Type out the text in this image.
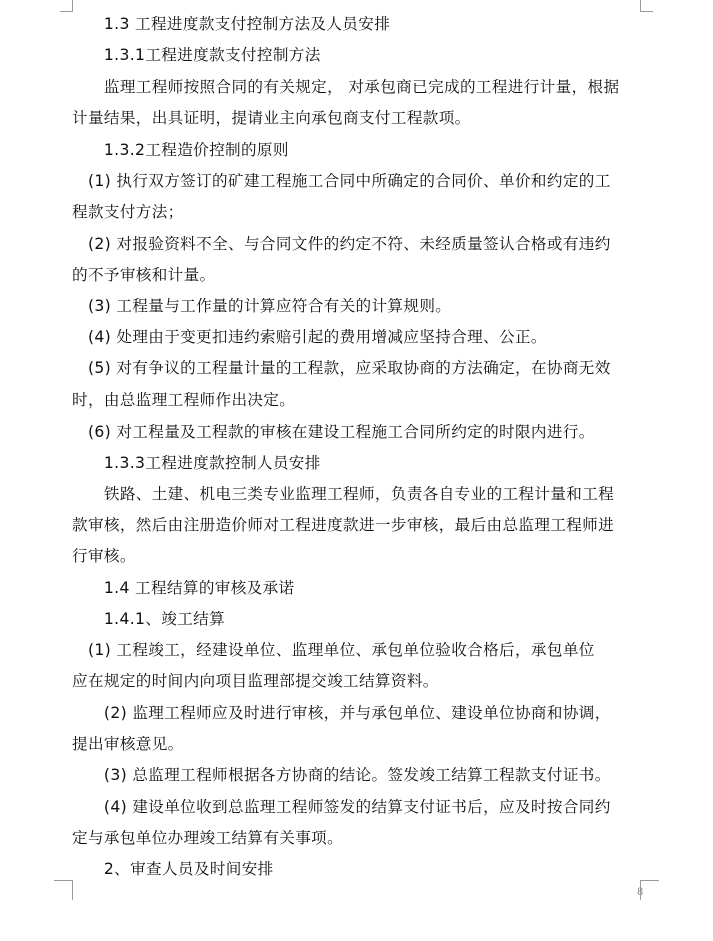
　　1.3 工程进度款支付控制方法及人员安排
　　1.3.1工程进度款支付控制方法
　　监理工程师按照合同的有关规定， 对承包商已完成的工程进行计量，根据
计量结果，出具证明，提请业主向承包商支付工程款项。
　　1.3.2工程造价控制的原则
　(1) 执行双方签订的矿建工程施工合同中所确定的合同价、单价和约定的工
程款支付方法；
　(2) 对报验资料不全、与合同文件的约定不符、未经质量签认合格或有违约
的不予审核和计量。
　(3) 工程量与工作量的计算应符合有关的计算规则。
　(4) 处理由于变更扣违约索赔引起的费用增减应坚持合理、公正。
　(5) 对有争议的工程量计量的工程款，应采取协商的方法确定，在协商无效
时，由总监理工程师作出决定。
　(6) 对工程量及工程款的审核在建设工程施工合同所约定的时限内进行。
　　1.3.3工程进度款控制人员安排
　　铁路、土建、机电三类专业监理工程师，负责各自专业的工程计量和工程
款审核，然后由注册造价师对工程进度款进一步审核，最后由总监理工程师进
行审核。
　　1.4 工程结算的审核及承诺
　　1.4.1、竣工结算
　(1) 工程竣工，经建设单位、监理单位、承包单位验收合格后，承包单位
应在规定的时间内向项目监理部提交竣工结算资料。
　　(2) 监理工程师应及时进行审核，并与承包单位、建设单位协商和协调，
提出审核意见。
　　(3) 总监理工程师根据各方协商的结论。签发竣工结算工程款支付证书。
　　(4) 建设单位收到总监理工程师签发的结算支付证书后，应及时按合同约
定与承包单位办理竣工结算有关事项。
　　2、审查人员及时间安排
8
